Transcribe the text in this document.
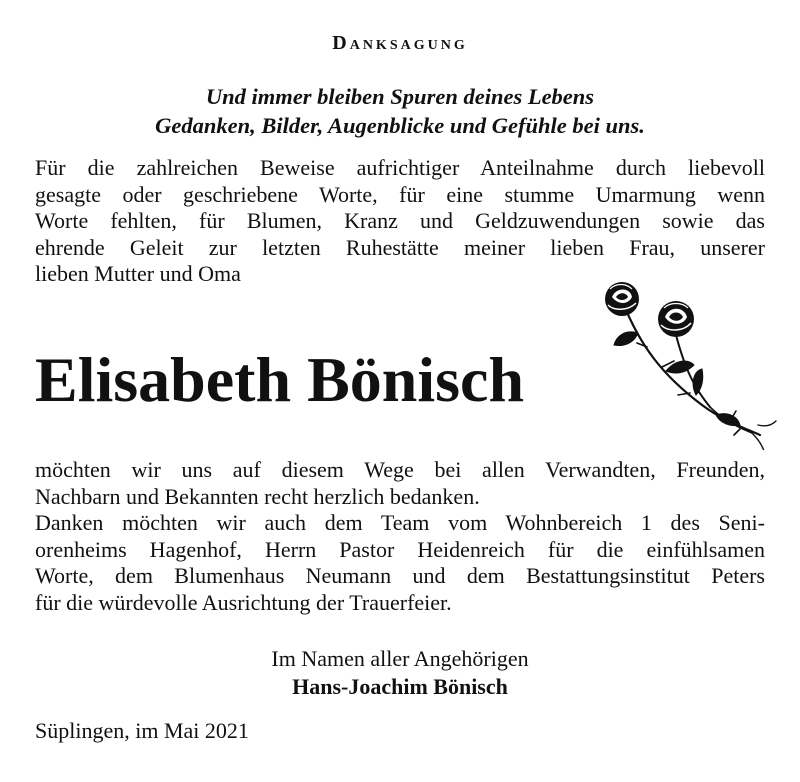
Danksagung
Und immer bleiben Spuren deines Lebens
Gedanken, Bilder, Augenblicke und Gefühle bei uns.
Für die zahlreichen Beweise aufrichtiger Anteilnahme durch liebevoll
gesagte oder geschriebene Worte, für eine stumme Umarmung wenn
Worte fehlten, für Blumen, Kranz und Geldzuwendungen sowie das
ehrende Geleit zur letzten Ruhestätte meiner lieben Frau, unserer
lieben Mutter und Oma
Elisabeth Bönisch
möchten wir uns auf diesem Wege bei allen Verwandten, Freunden,
Nachbarn und Bekannten recht herzlich bedanken.
Danken möchten wir auch dem Team vom Wohnbereich 1 des Seni-
orenheims Hagenhof, Herrn Pastor Heidenreich für die einfühlsamen
Worte, dem Blumenhaus Neumann und dem Bestattungsinstitut Peters
für die würdevolle Ausrichtung der Trauerfeier.
Im Namen aller Angehörigen
Hans-Joachim Bönisch
Süplingen, im Mai 2021
